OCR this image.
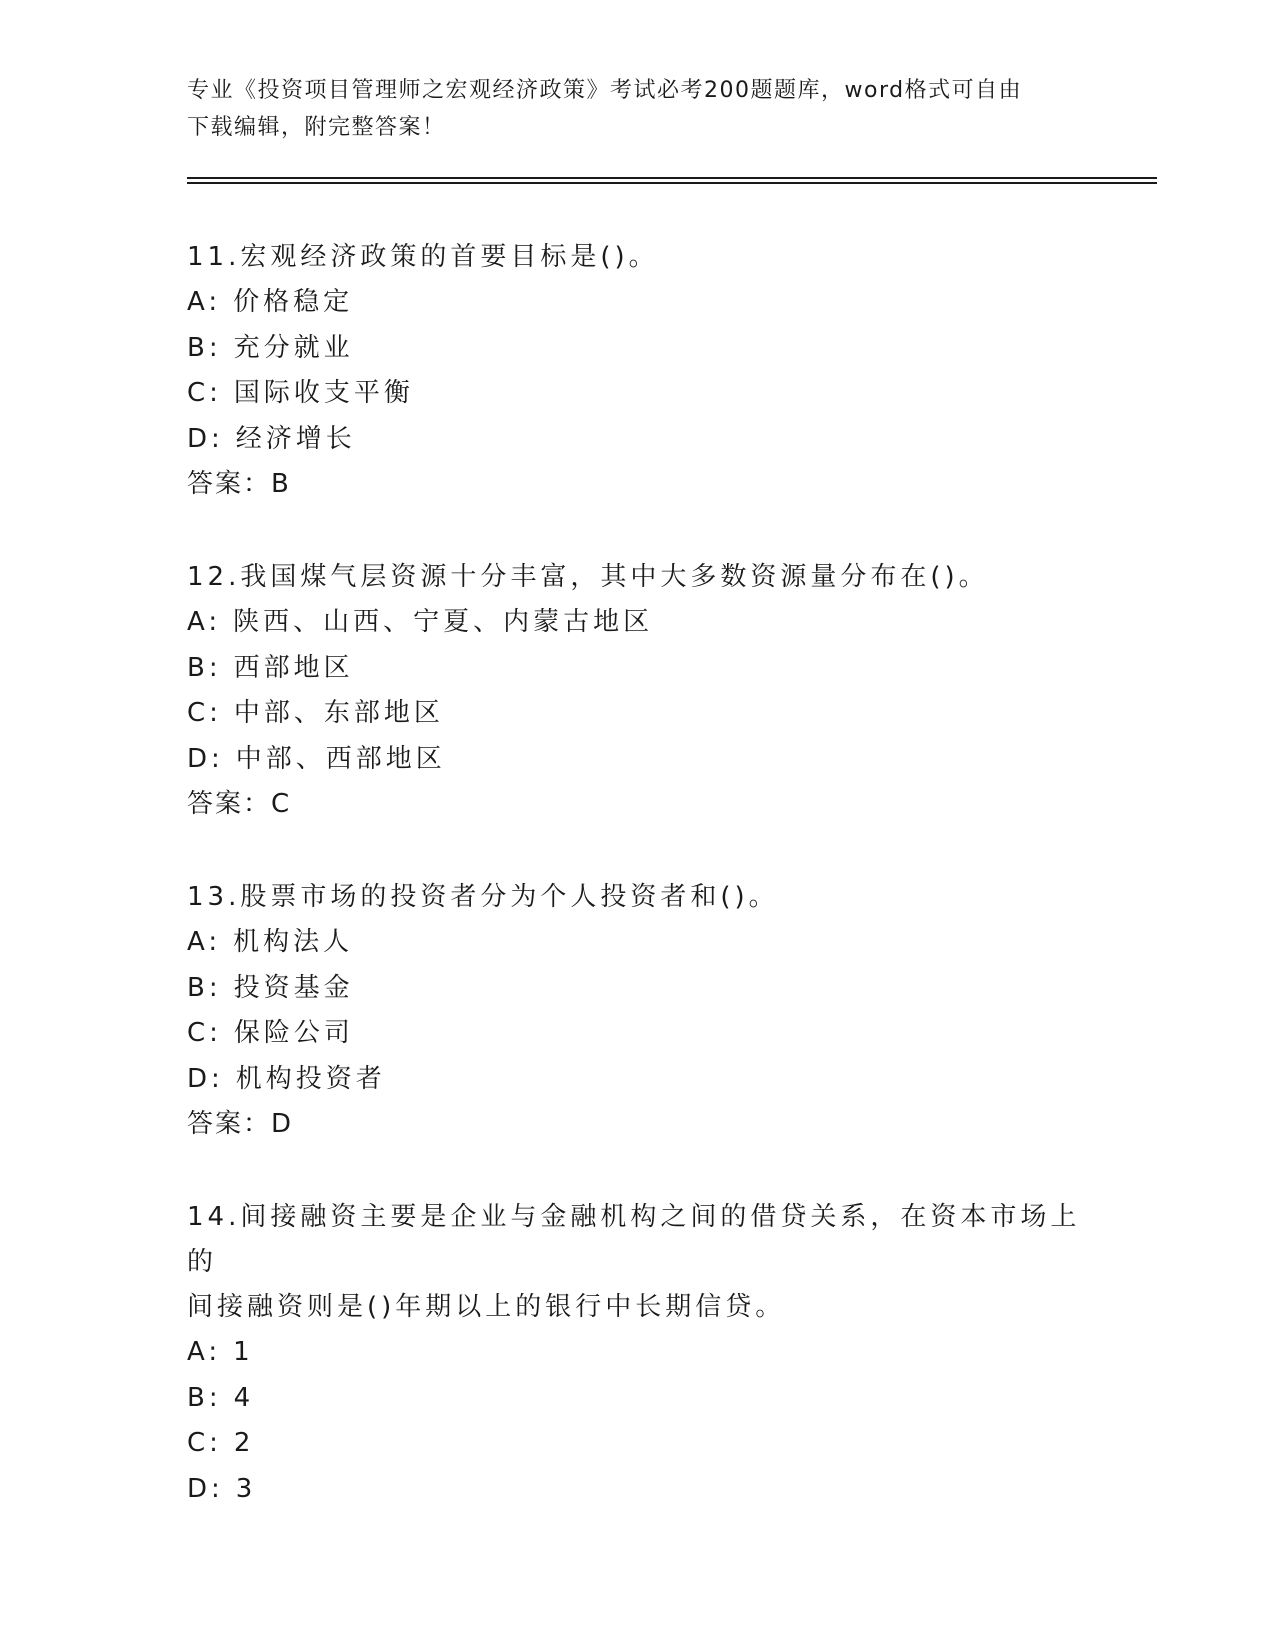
专业《投资项目管理师之宏观经济政策》考试必考200题题库，word格式可自由
下载编辑，附完整答案！
11.宏观经济政策的首要目标是()。
A: 价格稳定
B: 充分就业
C: 国际收支平衡
D: 经济增长
答案：B
12.我国煤气层资源十分丰富，其中大多数资源量分布在()。
A: 陕西、山西、宁夏、内蒙古地区
B: 西部地区
C: 中部、东部地区
D: 中部、西部地区
答案：C
13.股票市场的投资者分为个人投资者和()。
A: 机构法人
B: 投资基金
C: 保险公司
D: 机构投资者
答案：D
14.间接融资主要是企业与金融机构之间的借贷关系，在资本市场上的
间接融资则是()年期以上的银行中长期信贷。
A: 1
B: 4
C: 2
D: 3
